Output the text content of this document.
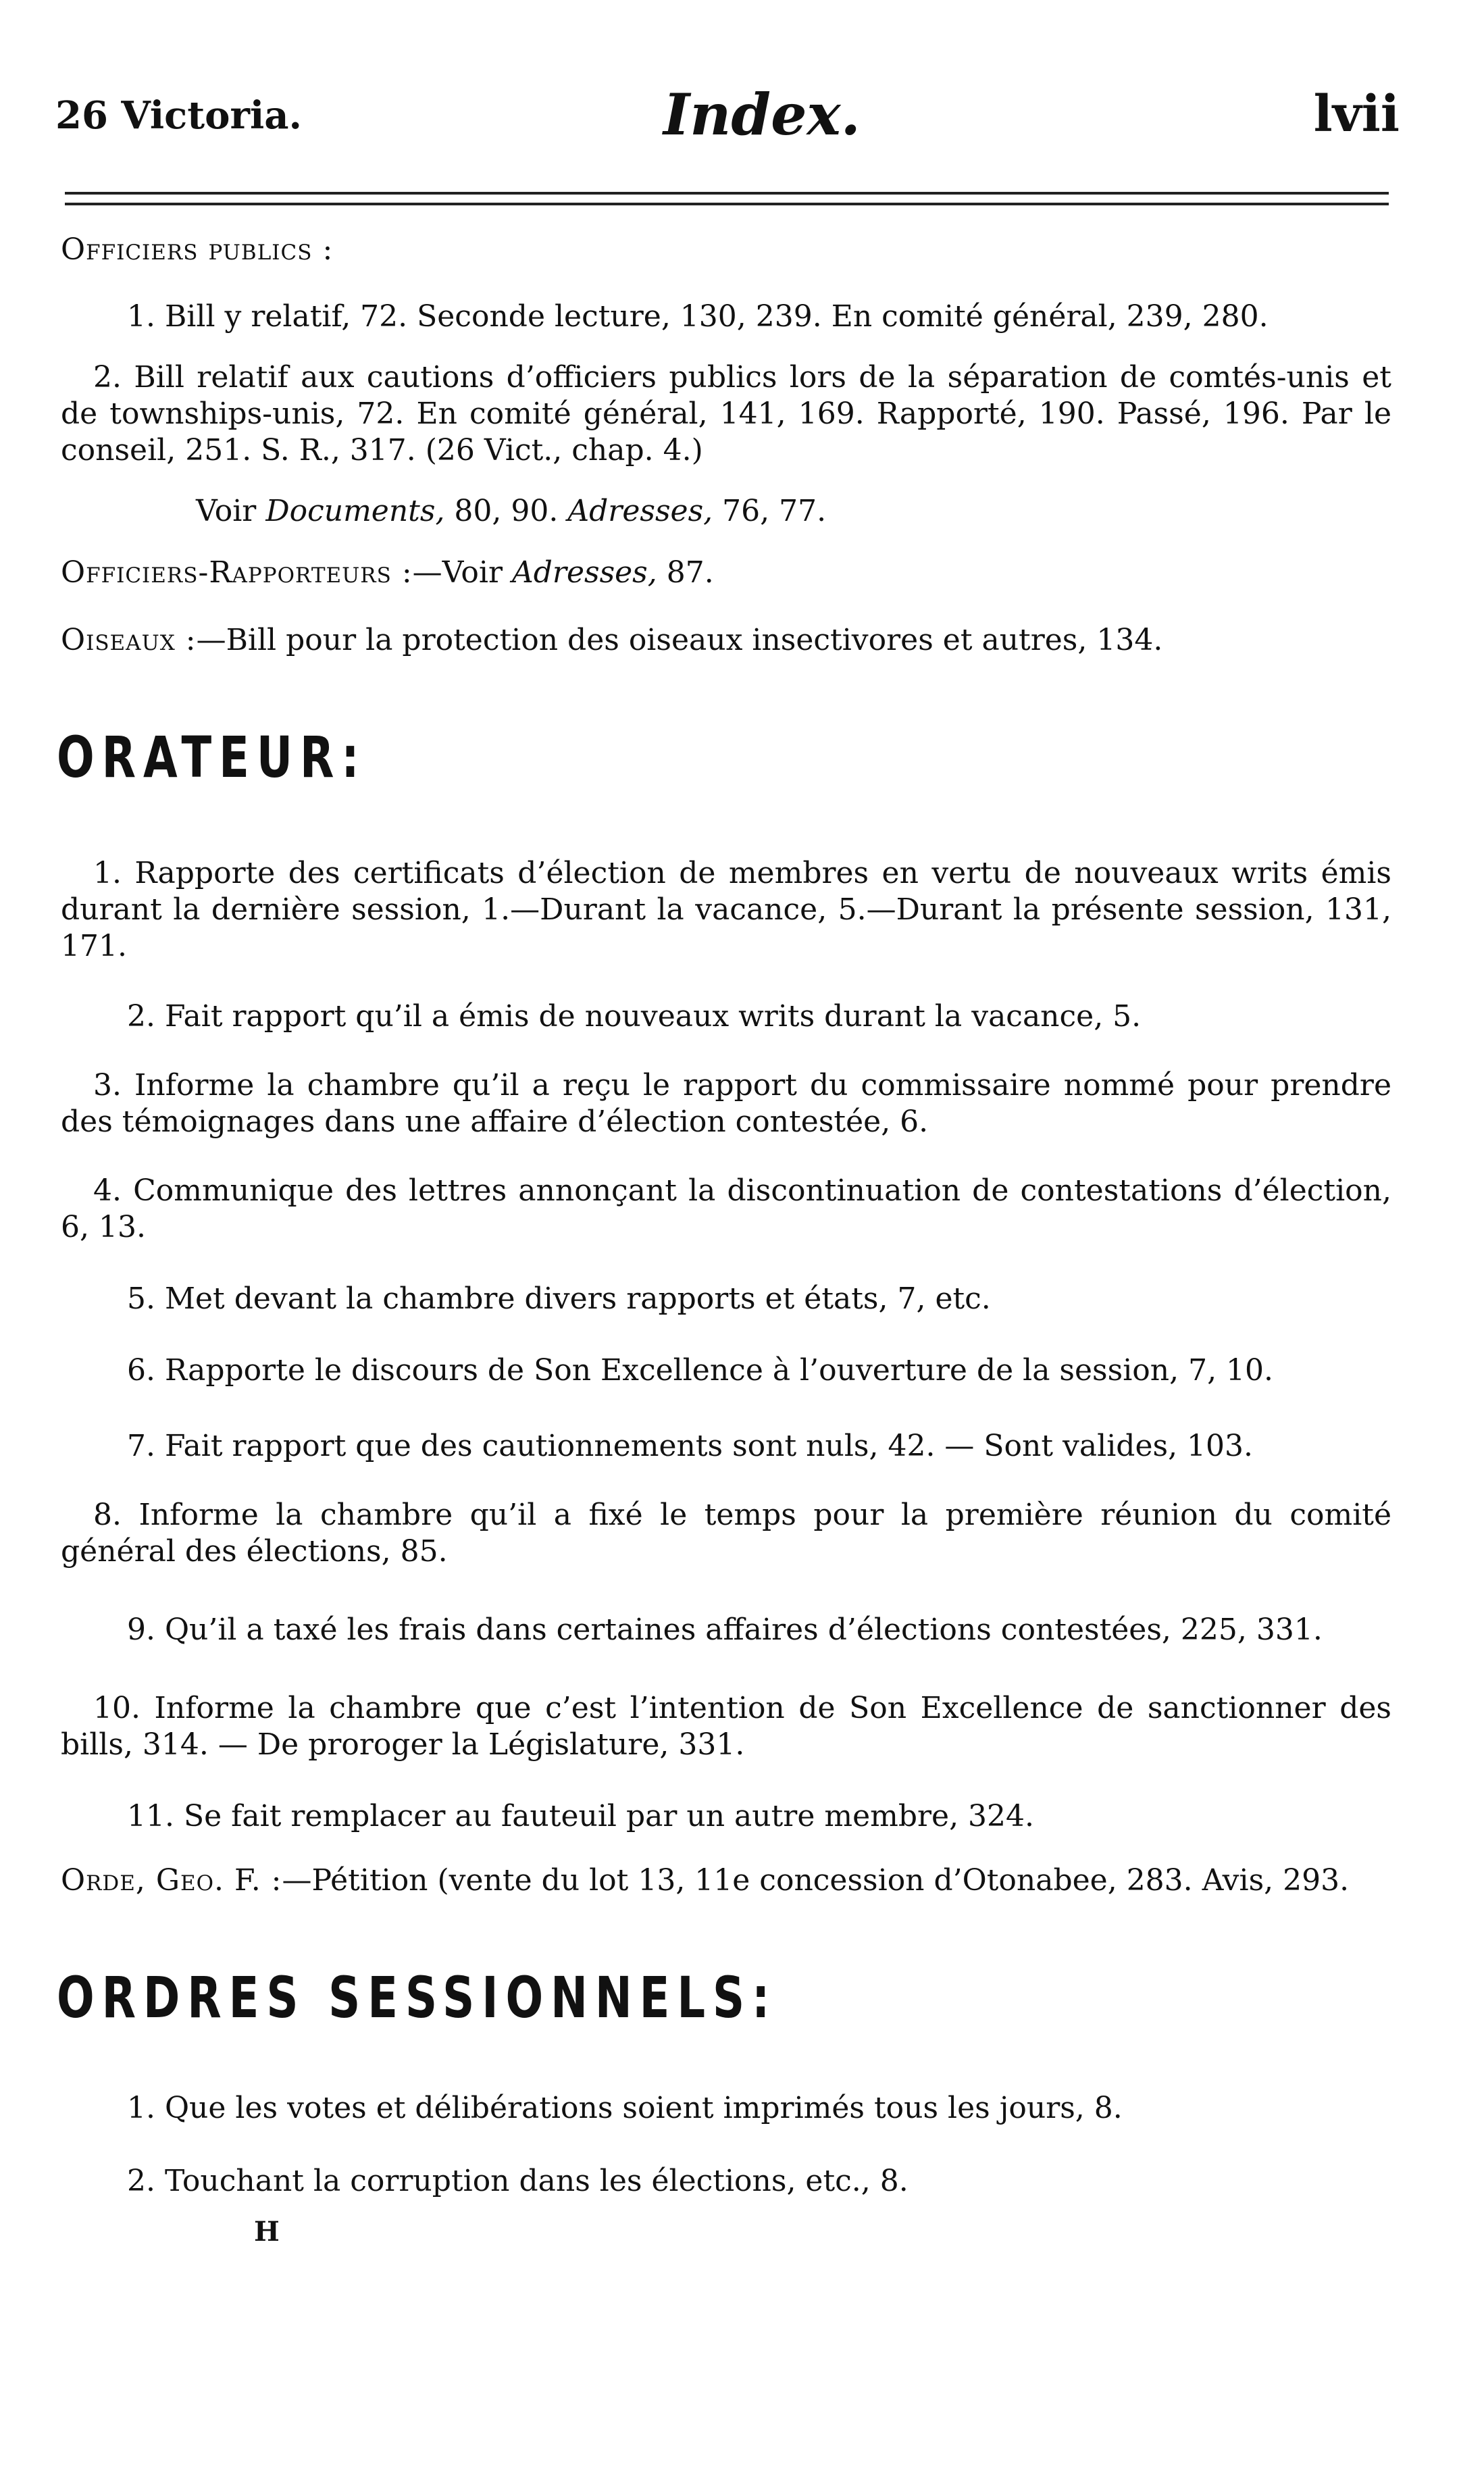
26 Victoria.	Index.	lvii

Officiers publics :

1. Bill y relatif, 72. Seconde lecture, 130, 239. En comité général, 239, 280.

2. Bill relatif aux cautions d’officiers publics lors de la séparation de comtés-unis et de townships-unis, 72. En comité général, 141, 169. Rapporté, 190. Passé, 196. Par le conseil, 251. S. R., 317. (26 Vict., chap. 4.)

Voir Documents, 80, 90. Adresses, 76, 77.

Officiers-Rapporteurs :—Voir Adresses, 87.

Oiseaux :—Bill pour la protection des oiseaux insectivores et autres, 134.

ORATEUR:

1. Rapporte des certificats d’élection de membres en vertu de nouveaux writs émis durant la dernière session, 1.—Durant la vacance, 5.—Durant la présente session, 131, 171.

2. Fait rapport qu’il a émis de nouveaux writs durant la vacance, 5.

3. Informe la chambre qu’il a reçu le rapport du commissaire nommé pour prendre des témoignages dans une affaire d’élection contestée, 6.

4. Communique des lettres annonçant la discontinuation de contestations d’élection, 6, 13.

5. Met devant la chambre divers rapports et états, 7, etc.

6. Rapporte le discours de Son Excellence à l’ouverture de la session, 7, 10.

7. Fait rapport que des cautionnements sont nuls, 42. — Sont valides, 103.

8. Informe la chambre qu’il a fixé le temps pour la première réunion du comité général des élections, 85.

9. Qu’il a taxé les frais dans certaines affaires d’élections contestées, 225, 331.

10. Informe la chambre que c’est l’intention de Son Excellence de sanctionner des bills, 314. — De proroger la Législature, 331.

11. Se fait remplacer au fauteuil par un autre membre, 324.

Orde, Geo. F. :—Pétition (vente du lot 13, 11e concession d’Otonabee, 283. Avis, 293.

ORDRES SESSIONNELS:

1. Que les votes et délibérations soient imprimés tous les jours, 8.

2. Touchant la corruption dans les élections, etc., 8.

H
